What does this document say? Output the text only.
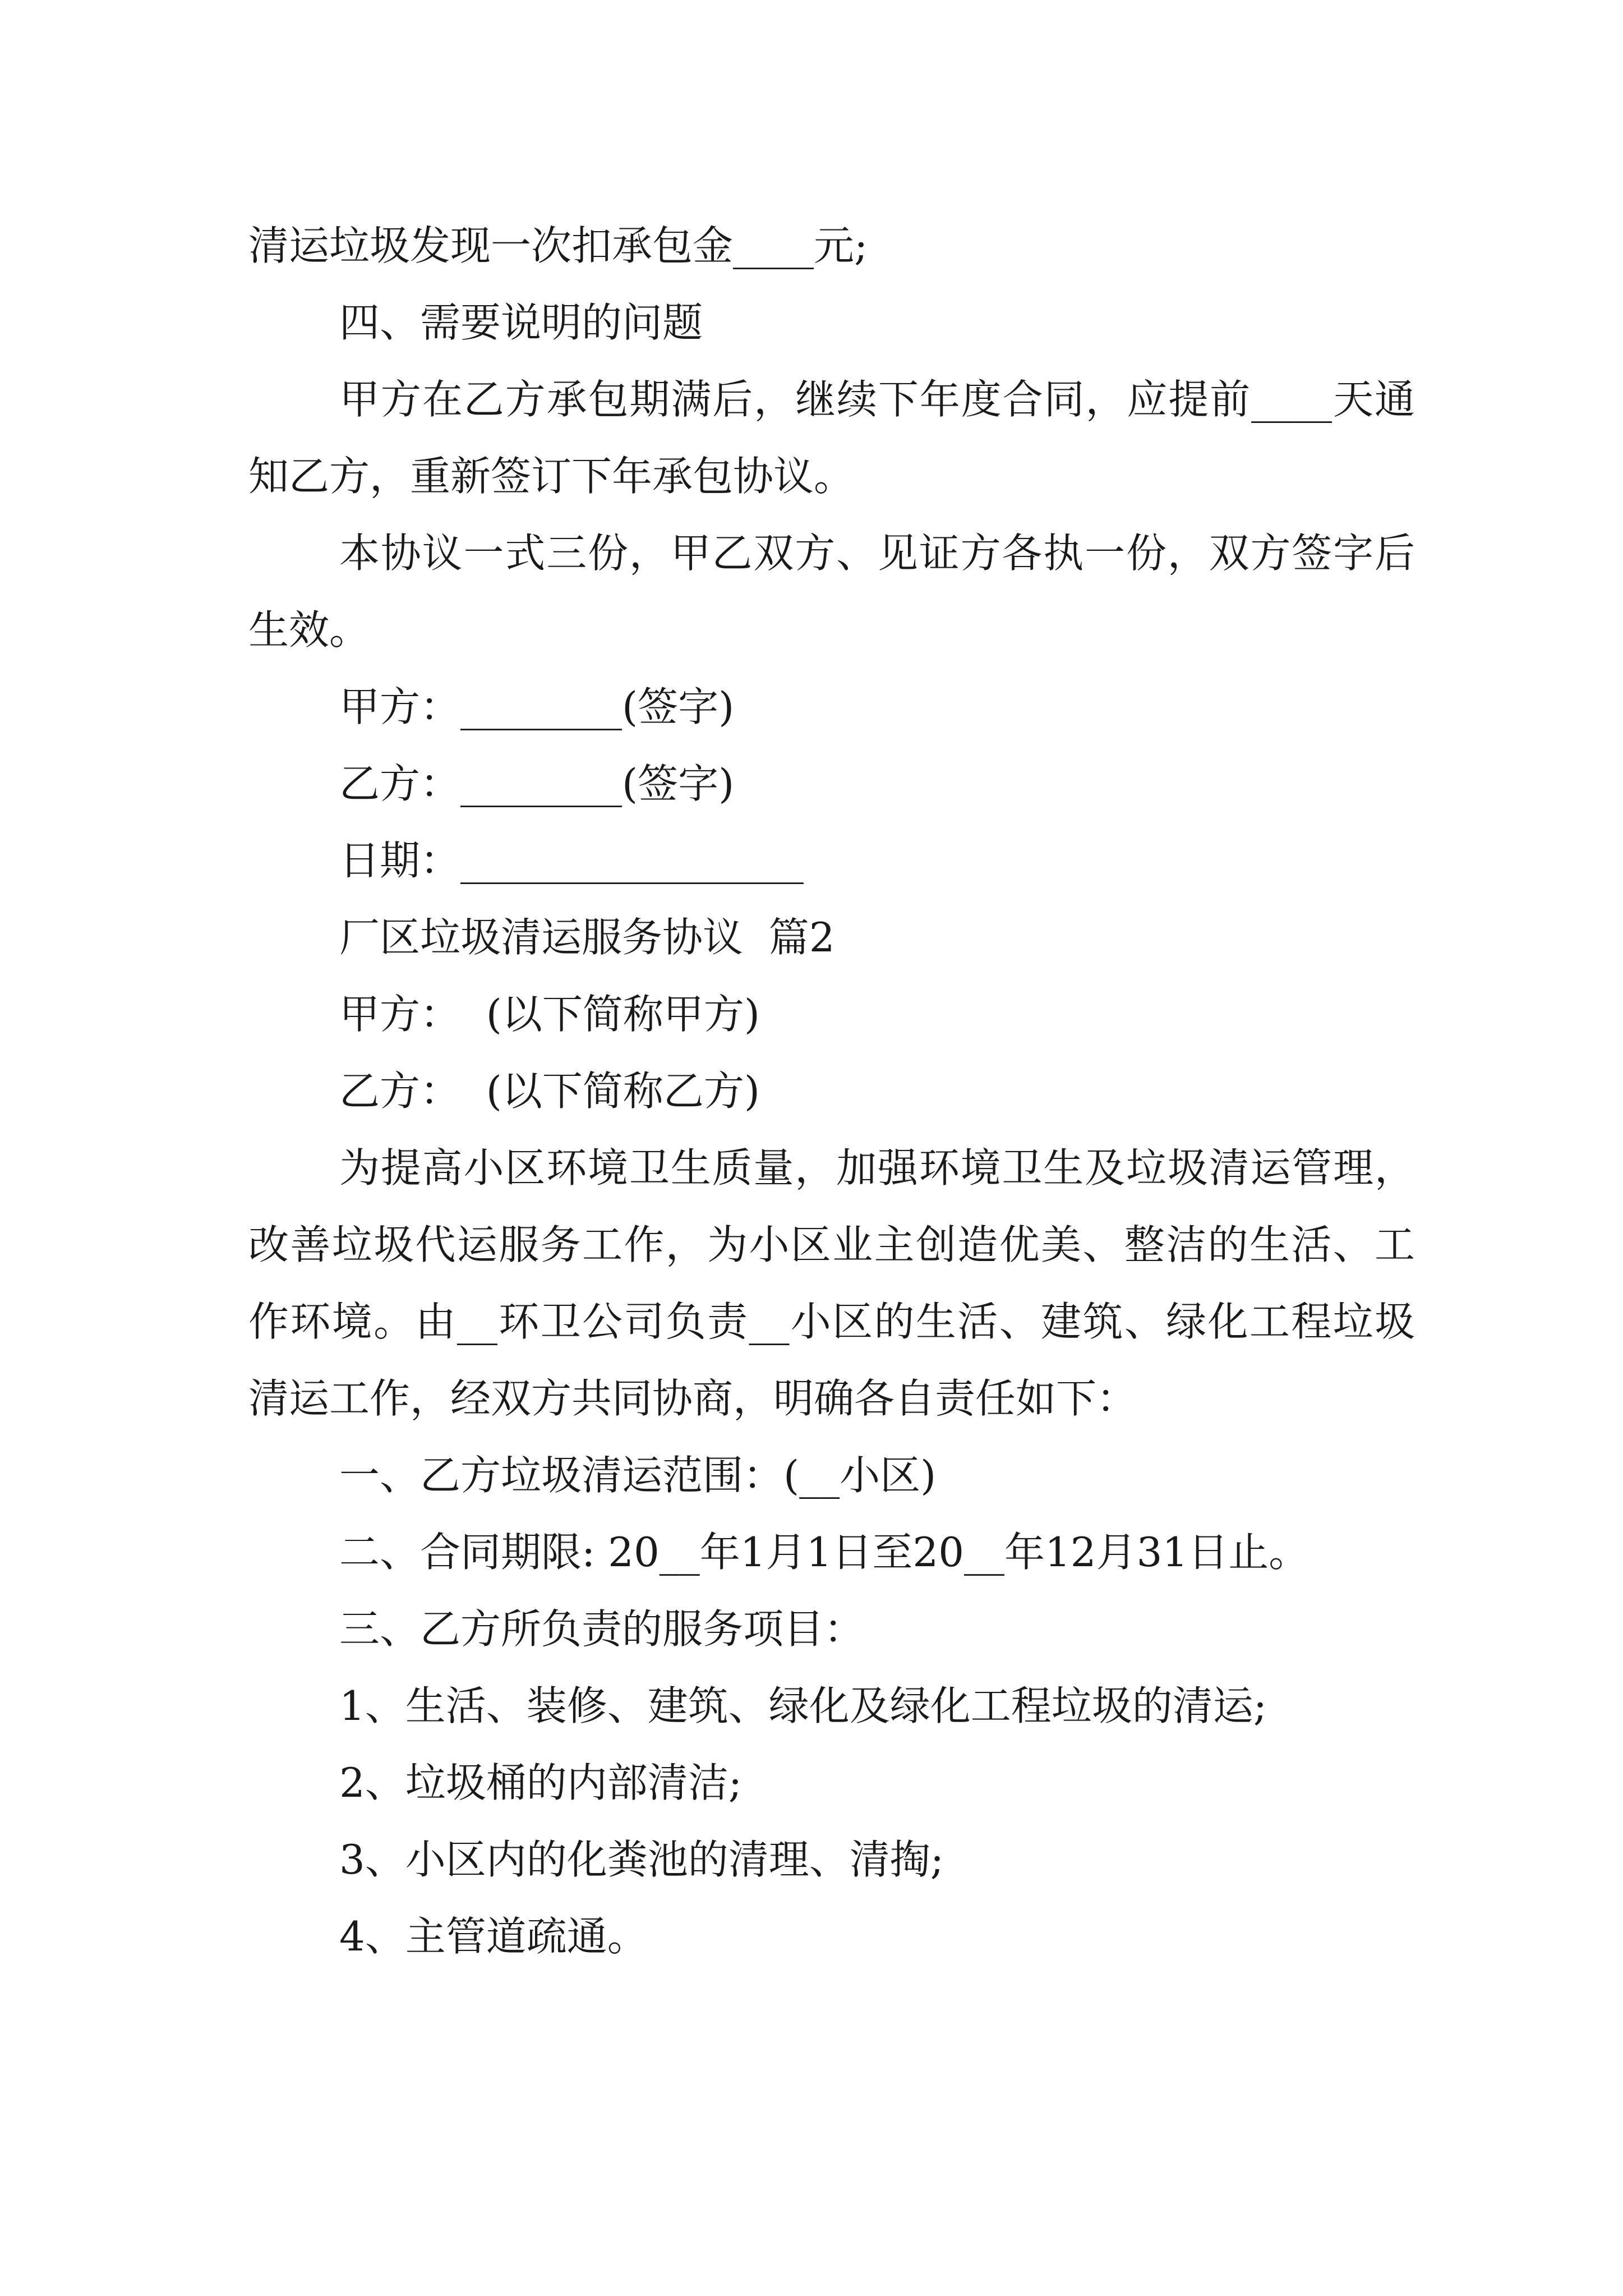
清运垃圾发现一次扣承包金____元;

四、需要说明的问题

甲方在乙方承包期满后，继续下年度合同，应提前____天通知乙方，重新签订下年承包协议。

本协议一式三份，甲乙双方、见证方各执一份，双方签字后生效。

甲方：________(签字)

乙方：________(签字)

日期：_________________

厂区垃圾清运服务协议  篇2

甲方：  (以下简称甲方)

乙方：  (以下简称乙方)

为提高小区环境卫生质量，加强环境卫生及垃圾清运管理，改善垃圾代运服务工作，为小区业主创造优美、整洁的生活、工作环境。由__环卫公司负责__小区的生活、建筑、绿化工程垃圾清运工作，经双方共同协商，明确各自责任如下：

一、乙方垃圾清运范围：(__小区)

二、合同期限: 20__年1月1日至20__年12月31日止。

三、乙方所负责的服务项目：

1、生活、装修、建筑、绿化及绿化工程垃圾的清运;

2、垃圾桶的内部清洁;

3、小区内的化粪池的清理、清掏;

4、主管道疏通。
